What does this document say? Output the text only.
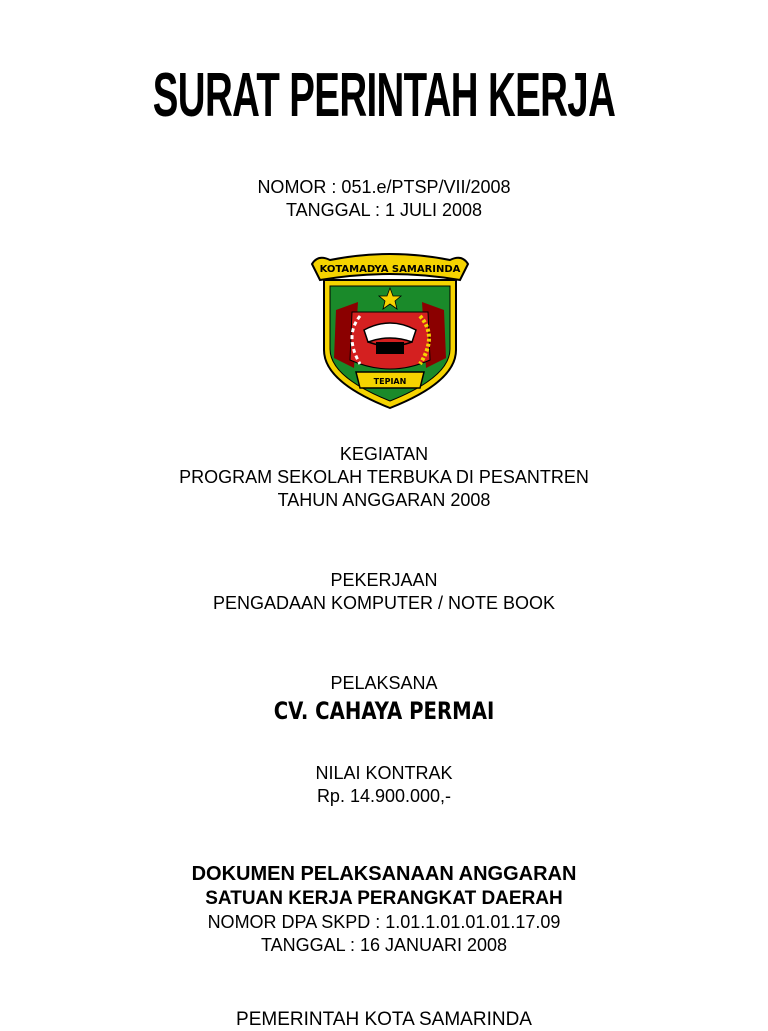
SURAT PERINTAH KERJA
NOMOR : 051.e/PTSP/VII/2008
TANGGAL : 1 JULI 2008
KOTAMADYA SAMARINDA
TEPIAN
KEGIATAN
PROGRAM SEKOLAH TERBUKA DI PESANTREN
TAHUN ANGGARAN 2008
PEKERJAAN
PENGADAAN KOMPUTER / NOTE BOOK
PELAKSANA
CV. CAHAYA PERMAI
NILAI KONTRAK
Rp. 14.900.000,-
DOKUMEN PELAKSANAAN ANGGARAN
SATUAN KERJA PERANGKAT DAERAH
NOMOR DPA SKPD : 1.01.1.01.01.01.17.09
TANGGAL : 16 JANUARI 2008
PEMERINTAH KOTA SAMARINDA
